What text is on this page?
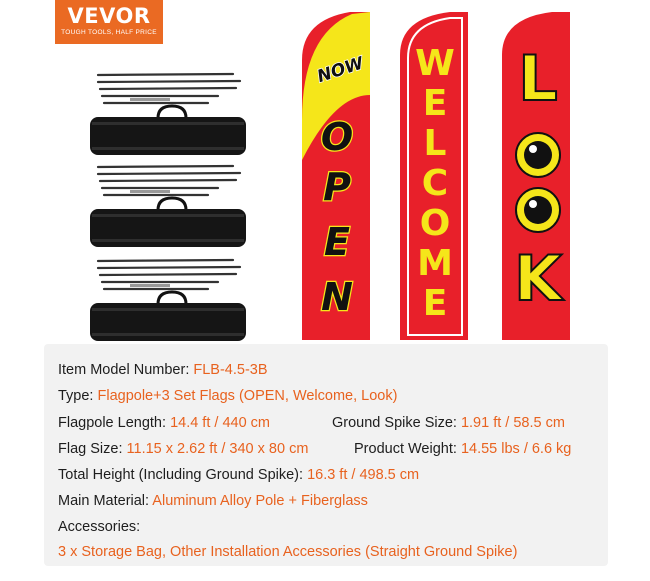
VEVOR
TOUGH TOOLS, HALF PRICE
NOW
O
P
E
N
W
E
L
C
O
M
E
L
K
Item Model Number: FLB-4.5-3B
Type: Flagpole+3 Set Flags (OPEN, Welcome, Look)
Flagpole Length: 14.4 ft / 440 cm	Ground Spike Size: 1.91 ft / 58.5 cm
Flag Size: 11.15 x 2.62 ft / 340 x 80 cm	Product Weight: 14.55 lbs / 6.6 kg
Total Height (Including Ground Spike): 16.3 ft / 498.5 cm
Main Material: Aluminum Alloy Pole + Fiberglass
Accessories:
3 x Storage Bag, Other Installation Accessories (Straight Ground Spike)
